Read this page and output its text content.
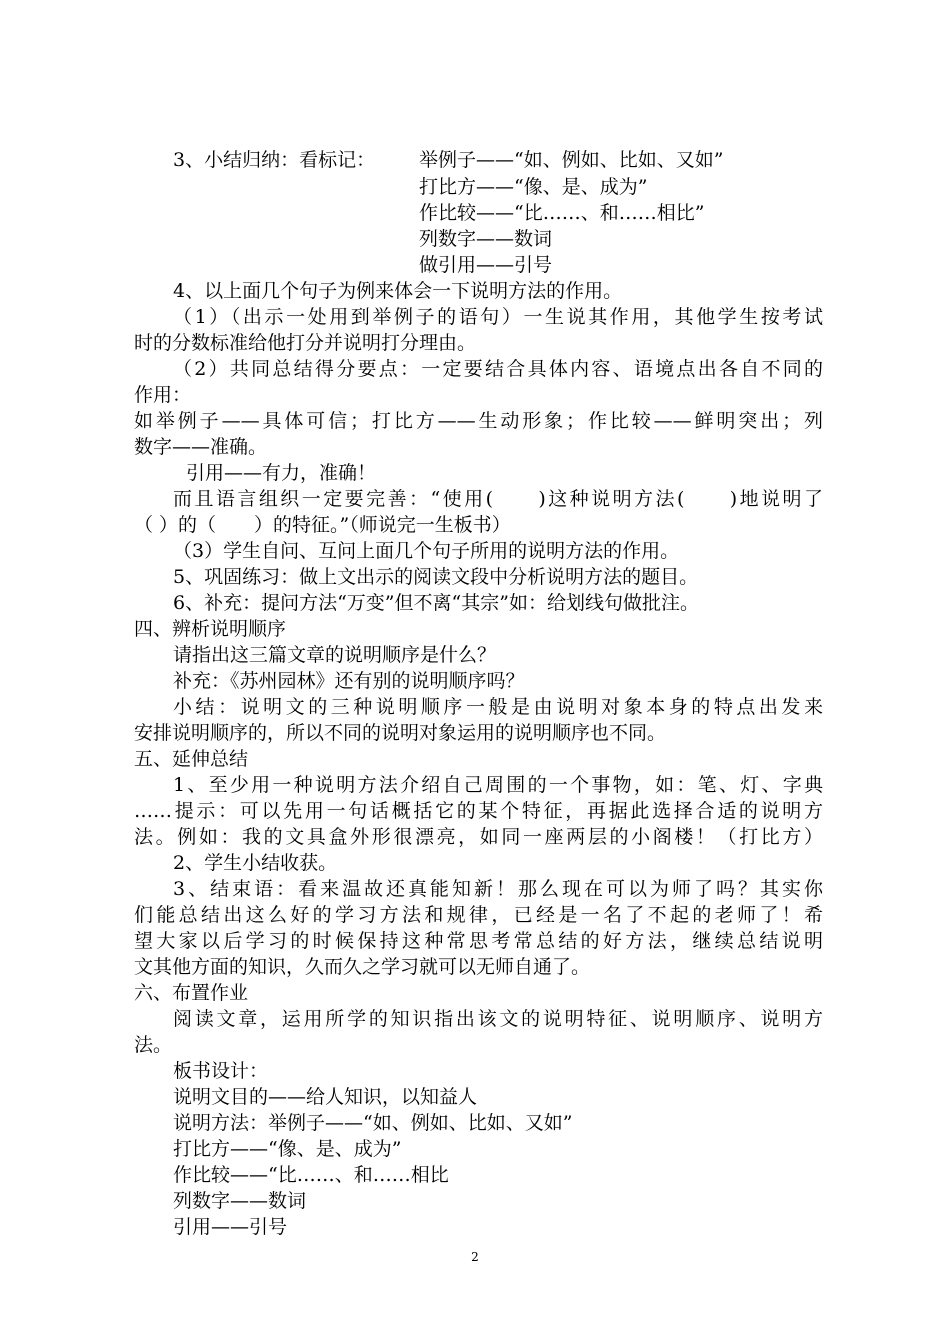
3、小结归纳：看标记： 举例子——“如、例如、比如、又如”
打比方——“像、是、成为”
作比较——“比……、和……相比”
列数字——数词
做引用——引号
4、以上面几个句子为例来体会一下说明方法的作用。
（1）（出示一处用到举例子的语句）一生说其作用，其他学生按考试
时的分数标准给他打分并说明打分理由。
（2）共同总结得分要点：一定要结合具体内容、语境点出各自不同的
作用：
如举例子——具体可信；打比方——生动形象；作比较——鲜明突出；列
数字——准确。
引用——有力，准确！
而且语言组织一定要完善：“使用(　　)这种说明方法(　　)地说明了
（ ）的（　　）的特征。”（师说完一生板书）
（3）学生自问、互问上面几个句子所用的说明方法的作用。
5、巩固练习：做上文出示的阅读文段中分析说明方法的题目。
6、补充：提问方法“万变”但不离“其宗”如：给划线句做批注。
四、辨析说明顺序
请指出这三篇文章的说明顺序是什么？
补充：《苏州园林》还有别的说明顺序吗？
小结：说明文的三种说明顺序一般是由说明对象本身的特点出发来
安排说明顺序的，所以不同的说明对象运用的说明顺序也不同。
五、延伸总结
1、至少用一种说明方法介绍自己周围的一个事物，如：笔、灯、字典
……提示：可以先用一句话概括它的某个特征，再据此选择合适的说明方
法。例如：我的文具盒外形很漂亮，如同一座两层的小阁楼！（打比方）
2、学生小结收获。
3、结束语：看来温故还真能知新！那么现在可以为师了吗？其实你
们能总结出这么好的学习方法和规律，已经是一名了不起的老师了！希
望大家以后学习的时候保持这种常思考常总结的好方法，继续总结说明
文其他方面的知识，久而久之学习就可以无师自通了。
六、布置作业
阅读文章，运用所学的知识指出该文的说明特征、说明顺序、说明方
法。
板书设计：
说明文目的——给人知识，以知益人
说明方法：举例子——“如、例如、比如、又如”
打比方——“像、是、成为”
作比较——“比……、和……相比
列数字——数词
引用——引号
2
